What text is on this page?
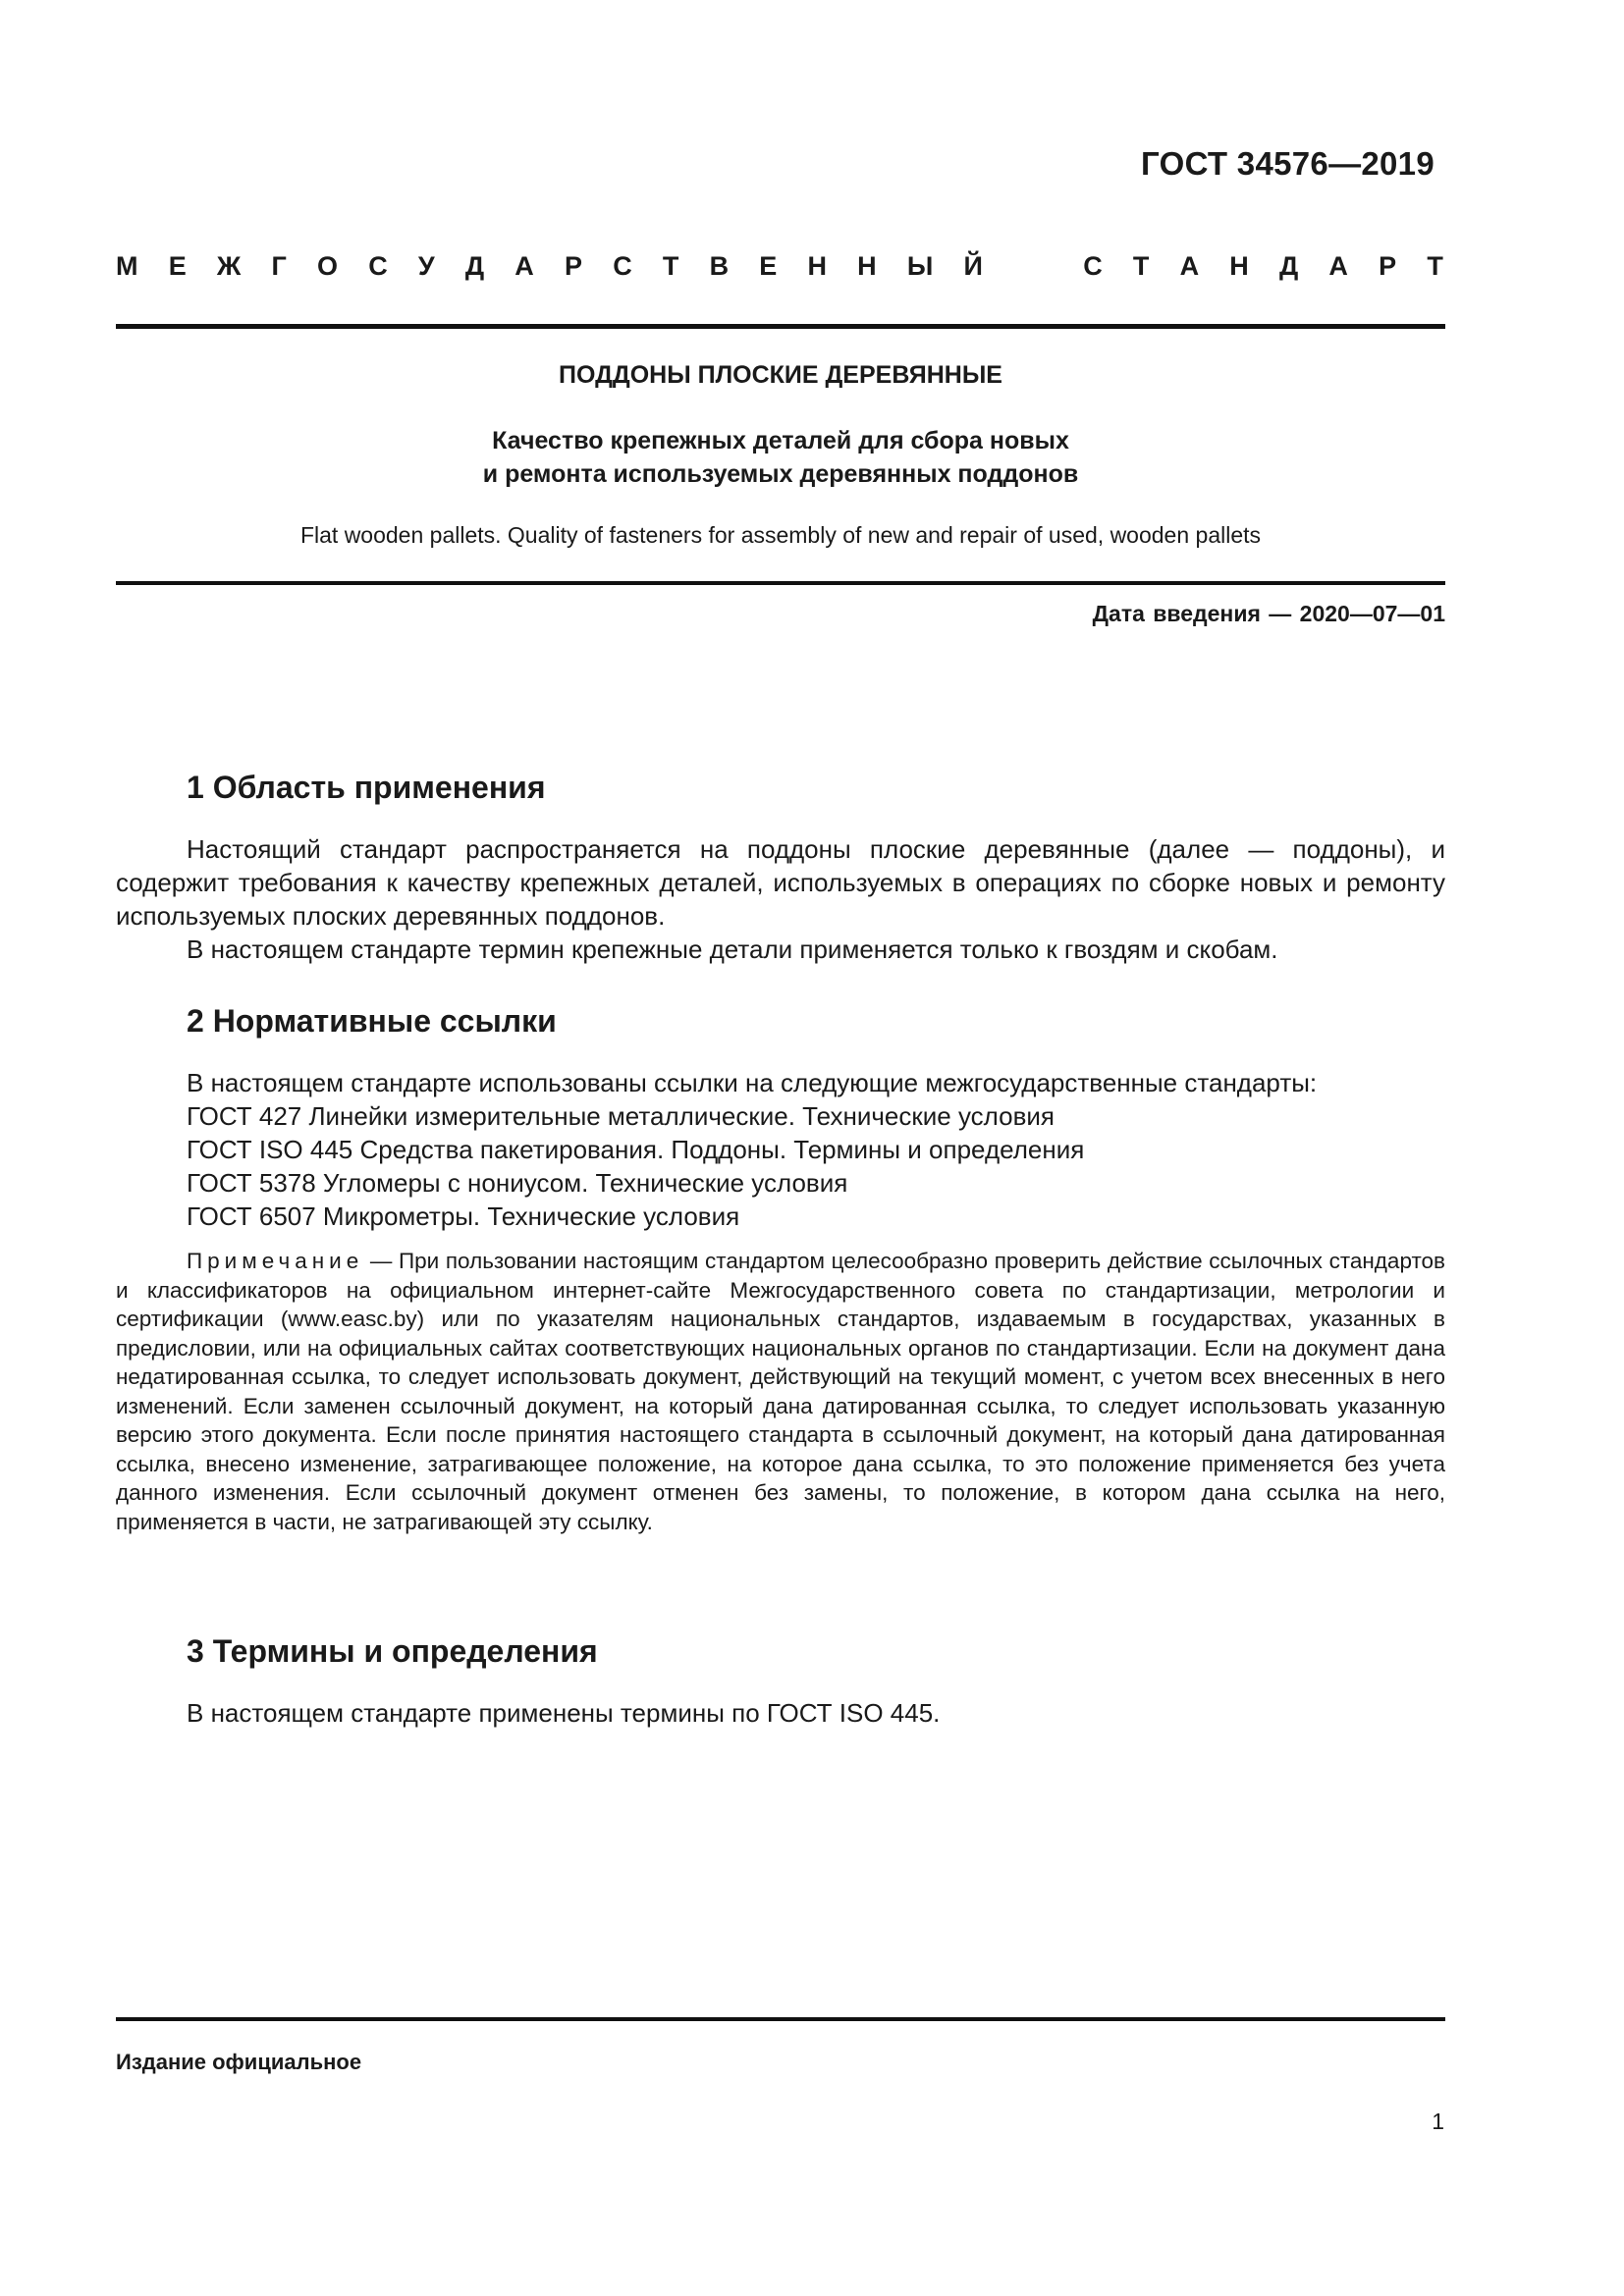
ГОСТ 34576—2019
М Е Ж Г О С У Д А Р С Т В Е Н Н Ы Й	С Т А Н Д А Р Т
ПОДДОНЫ ПЛОСКИЕ ДЕРЕВЯННЫЕ
Качество крепежных деталей для сбора новых
и ремонта используемых деревянных поддонов
Flat wooden pallets. Quality of fasteners for assembly of new and repair of used, wooden pallets
Дата введения — 2020—07—01
1 Область применения

Настоящий стандарт распространяется на поддоны плоские деревянные (далее — поддоны), и содержит требования к качеству крепежных деталей, используемых в операциях по сборке новых и ремонту используемых плоских деревянных поддонов.

В настоящем стандарте термин крепежные детали применяется только к гвоздям и скобам.

2 Нормативные ссылки
В настоящем стандарте использованы ссылки на следующие межгосударственные стандарты:
ГОСТ 427 Линейки измерительные металлические. Технические условия
ГОСТ ISO 445 Средства пакетирования. Поддоны. Термины и определения
ГОСТ 5378 Угломеры с нониусом. Технические условия
ГОСТ 6507 Микрометры. Технические условия

Примечание — При пользовании настоящим стандартом целесообразно проверить действие ссылочных стандартов и классификаторов на официальном интернет-сайте Межгосударственного совета по стандартизации, метрологии и сертификации (www.easc.by) или по указателям национальных стандартов, издаваемым в государствах, указанных в предисловии, или на официальных сайтах соответствующих национальных органов по стандартизации. Если на документ дана недатированная ссылка, то следует использовать документ, действующий на текущий момент, с учетом всех внесенных в него изменений. Если заменен ссылочный документ, на который дана датированная ссылка, то следует использовать указанную версию этого документа. Если после принятия настоящего стандарта в ссылочный документ, на который дана датированная ссылка, внесено изменение, затрагивающее положение, на которое дана ссылка, то это положение применяется без учета данного изменения. Если ссылочный документ отменен без замены, то положение, в котором дана ссылка на него, применяется в части, не затрагивающей эту ссылку.

3 Термины и определения
В настоящем стандарте применены термины по ГОСТ ISO 445.
Издание официальное
1
